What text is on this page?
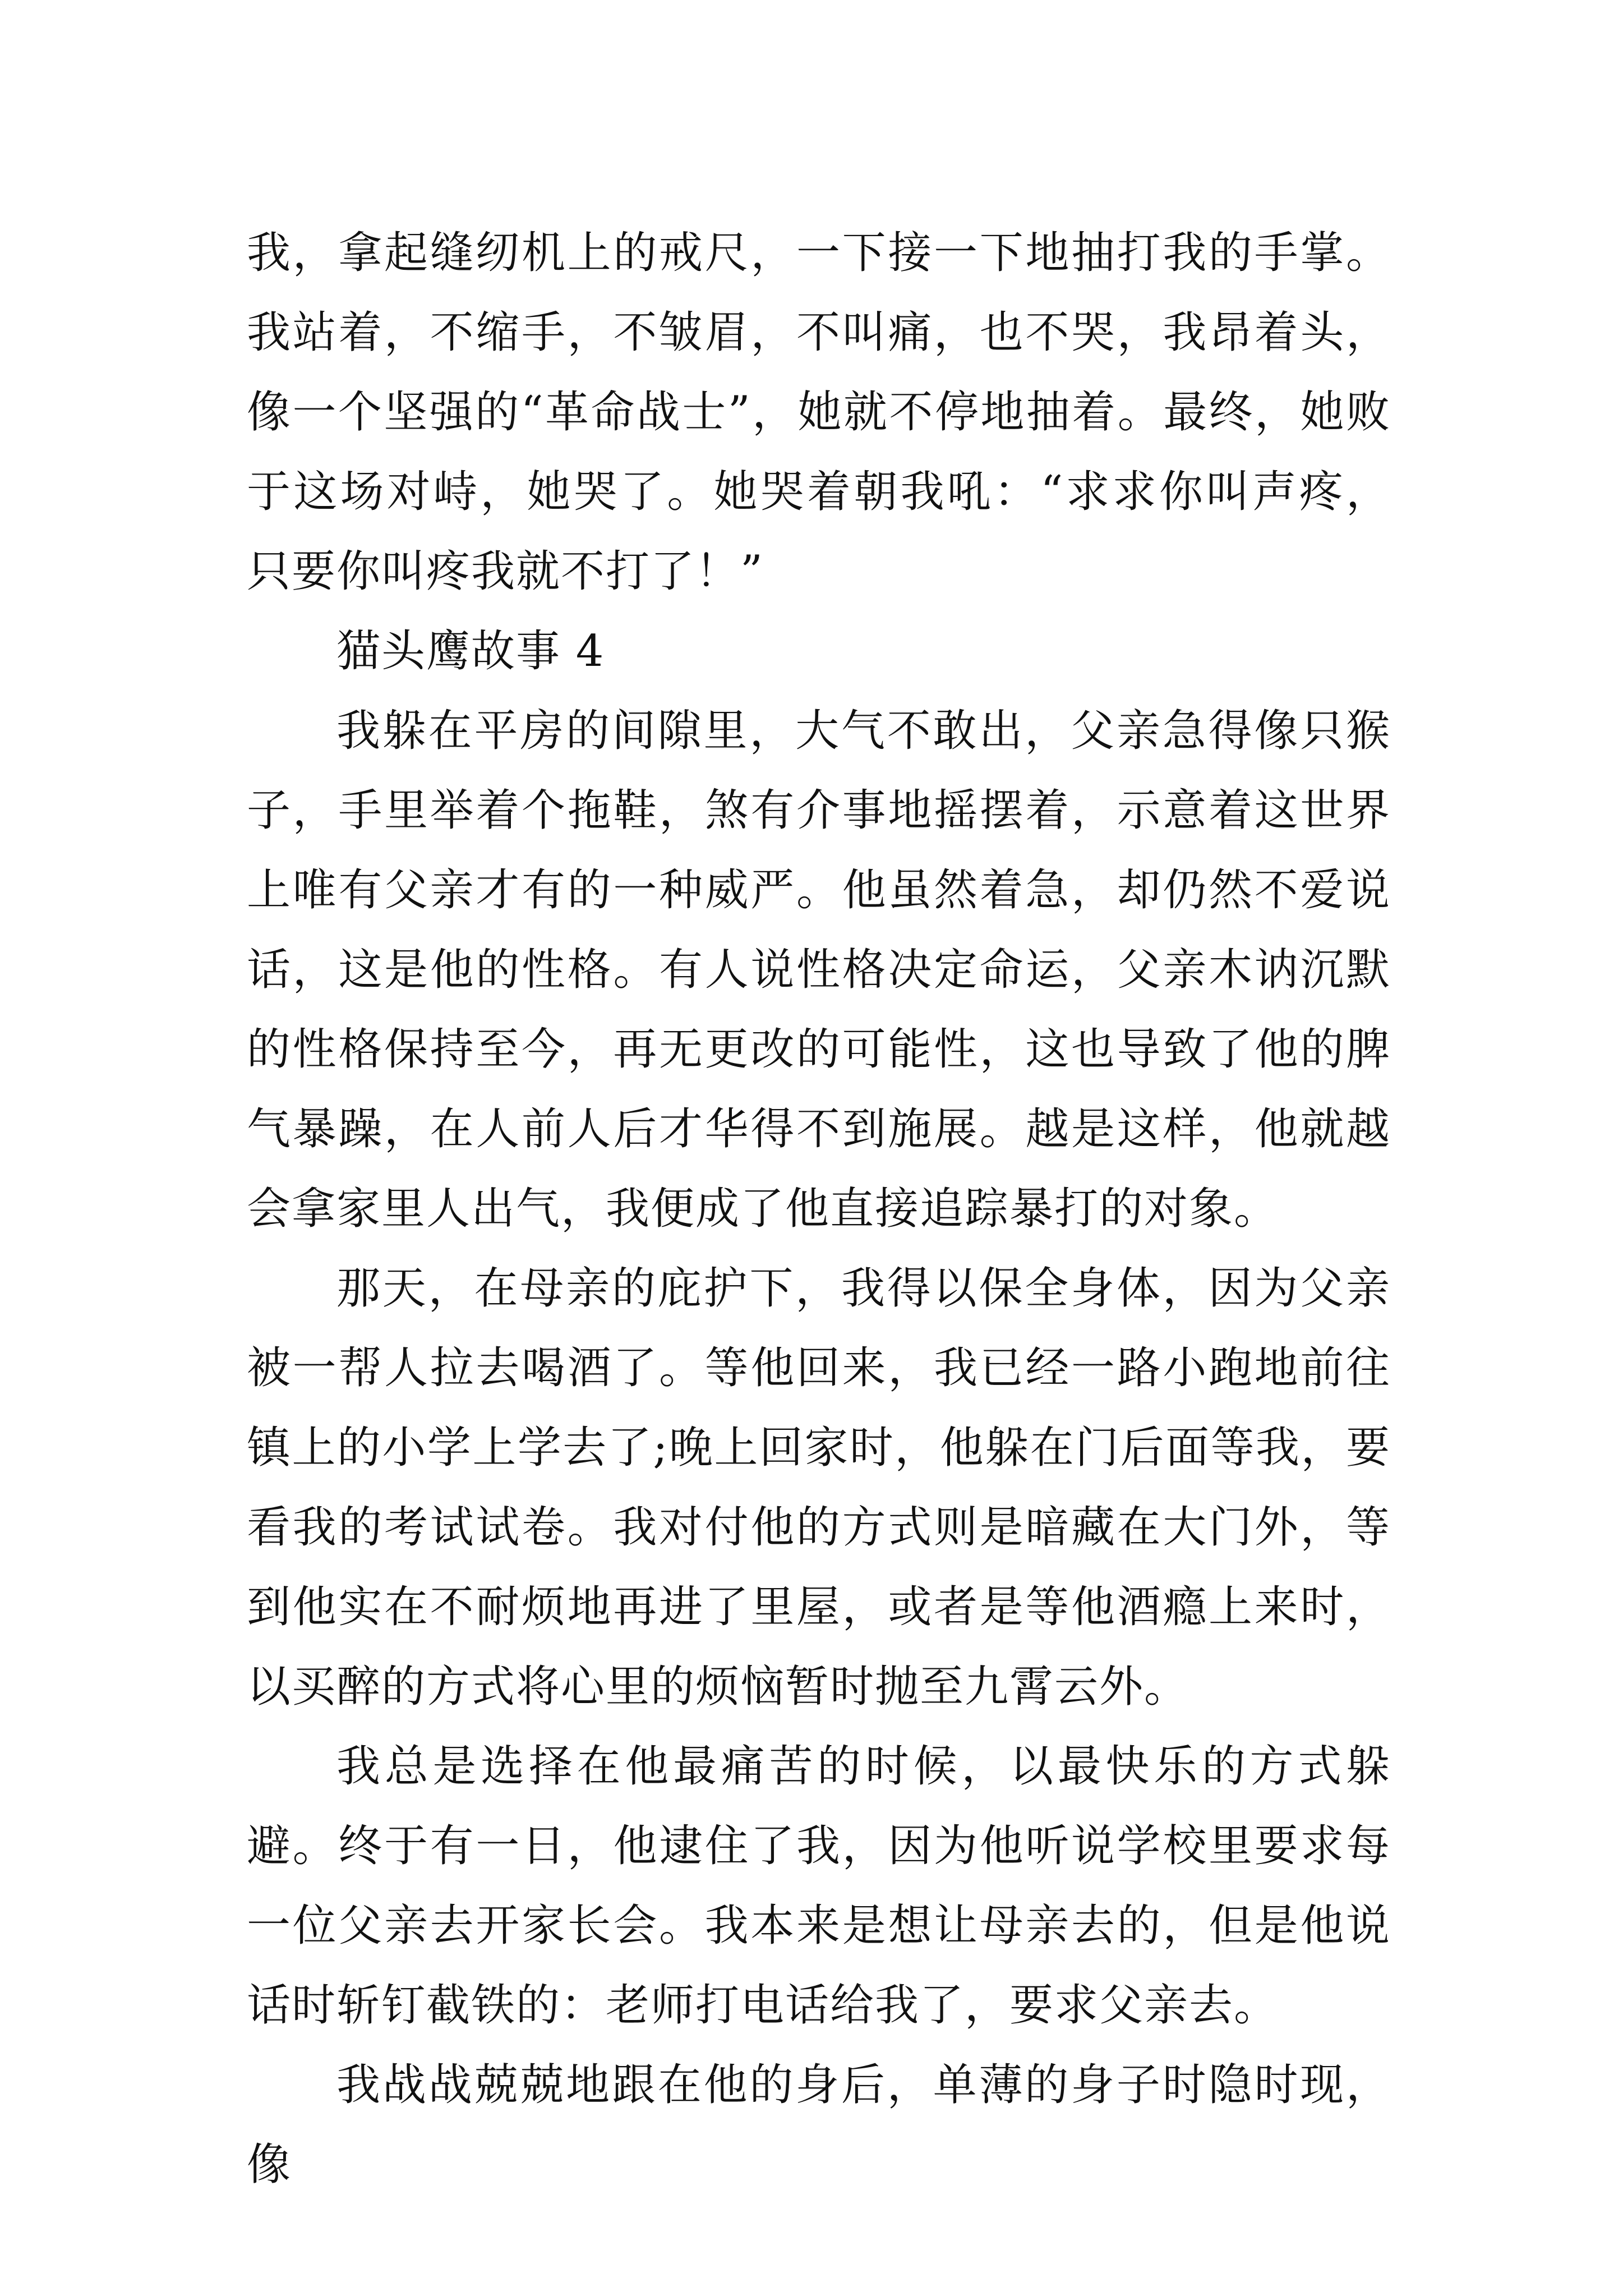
我，拿起缝纫机上的戒尺，一下接一下地抽打我的手掌。我站着，不缩手，不皱眉，不叫痛，也不哭，我昂着头，像一个坚强的“革命战士”，她就不停地抽着。最终，她败于这场对峙，她哭了。她哭着朝我吼：“求求你叫声疼，只要你叫疼我就不打了！”

猫头鹰故事 4

我躲在平房的间隙里，大气不敢出，父亲急得像只猴子，手里举着个拖鞋，煞有介事地摇摆着，示意着这世界上唯有父亲才有的一种威严。他虽然着急，却仍然不爱说话，这是他的性格。有人说性格决定命运，父亲木讷沉默的性格保持至今，再无更改的可能性，这也导致了他的脾气暴躁，在人前人后才华得不到施展。越是这样，他就越会拿家里人出气，我便成了他直接追踪暴打的对象。

那天，在母亲的庇护下，我得以保全身体，因为父亲被一帮人拉去喝酒了。等他回来，我已经一路小跑地前往镇上的小学上学去了;晚上回家时，他躲在门后面等我，要看我的考试试卷。我对付他的方式则是暗藏在大门外，等到他实在不耐烦地再进了里屋，或者是等他酒瘾上来时，以买醉的方式将心里的烦恼暂时抛至九霄云外。

我总是选择在他最痛苦的时候，以最快乐的方式躲避。终于有一日，他逮住了我，因为他听说学校里要求每一位父亲去开家长会。我本来是想让母亲去的，但是他说话时斩钉截铁的：老师打电话给我了，要求父亲去。

我战战兢兢地跟在他的身后，单薄的身子时隐时现，像
